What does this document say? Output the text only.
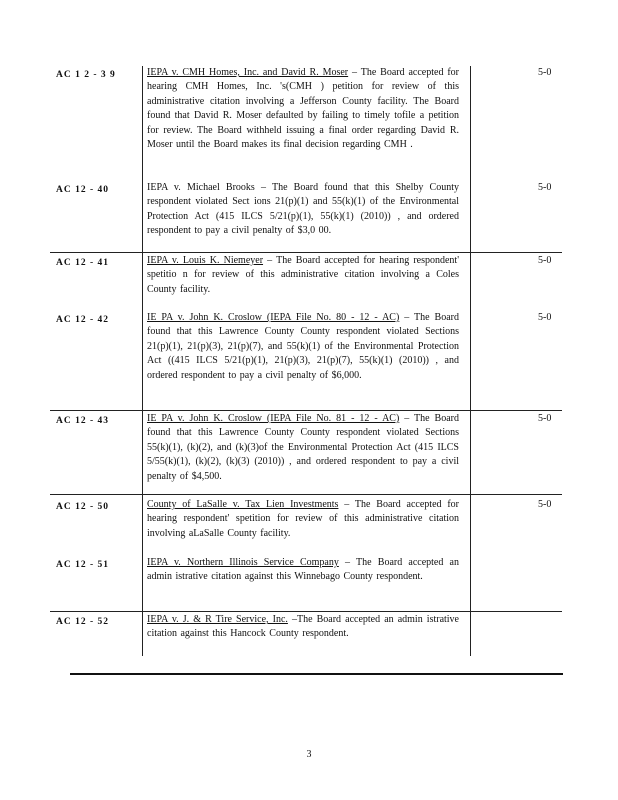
AC 1 2 - 3 9	IEPA v. CMH Homes, Inc. and David R. Moser – The Board accepted for hearing CMH Homes, Inc. 's(CMH ) petition for review of this administrative citation involving a Jefferson County facility. The Board found that David R. Moser defaulted by failing to timely tofile a petition for review. The Board withheld issuing a final order regarding David R. Moser until the Board makes its final decision regarding CMH .
5-0
AC 12 - 40	IEPA v. Michael Brooks – The Board found that this Shelby County respondent violated Sect ions 21(p)(1) and 55(k)(1) of the Environmental Protection Act (415 ILCS 5/21(p)(1), 55(k)(1) (2010)) , and ordered respondent to pay a civil penalty of $3,0 00.
5-0
AC 12 - 41	IEPA v. Louis K. Niemeyer – The Board accepted for hearing respondent' spetitio n for review of this administrative citation involving a Coles County facility.
5-0
AC 12 - 42	IE PA v. John K. Croslow (IEPA File No. 80 - 12 - AC) – The Board found that this Lawrence County County respondent violated Sections 21(p)(1), 21(p)(3), 21(p)(7), and 55(k)(1) of the Environmental Protection Act ((415 ILCS 5/21(p)(1), 21(p)(3), 21(p)(7), 55(k)(1) (2010)) , and ordered respondent to pay a civil penalty of $6,000.
5-0
AC 12 - 43	IE PA v. John K. Croslow (IEPA File No. 81 - 12 - AC) – The Board found that this Lawrence County County respondent violated Sections 55(k)(1), (k)(2), and (k)(3)of the Environmental Protection Act (415 ILCS 5/55(k)(1), (k)(2), (k)(3) (2010)) , and ordered respondent to pay a civil penalty of $4,500.
5-0
AC 12 - 50	County of LaSalle v. Tax Lien Investments – The Board accepted for hearing respondent' spetition for review of this administrative citation involving aLaSalle County facility.
5-0
AC 12 - 51	IEPA v. Northern Illinois Service Company – The Board accepted an admin istrative citation against this Winnebago County respondent.
AC 12 - 52	IEPA v. J. & R Tire Service, Inc. –The Board accepted an admin istrative citation against this Hancock County respondent.
3
